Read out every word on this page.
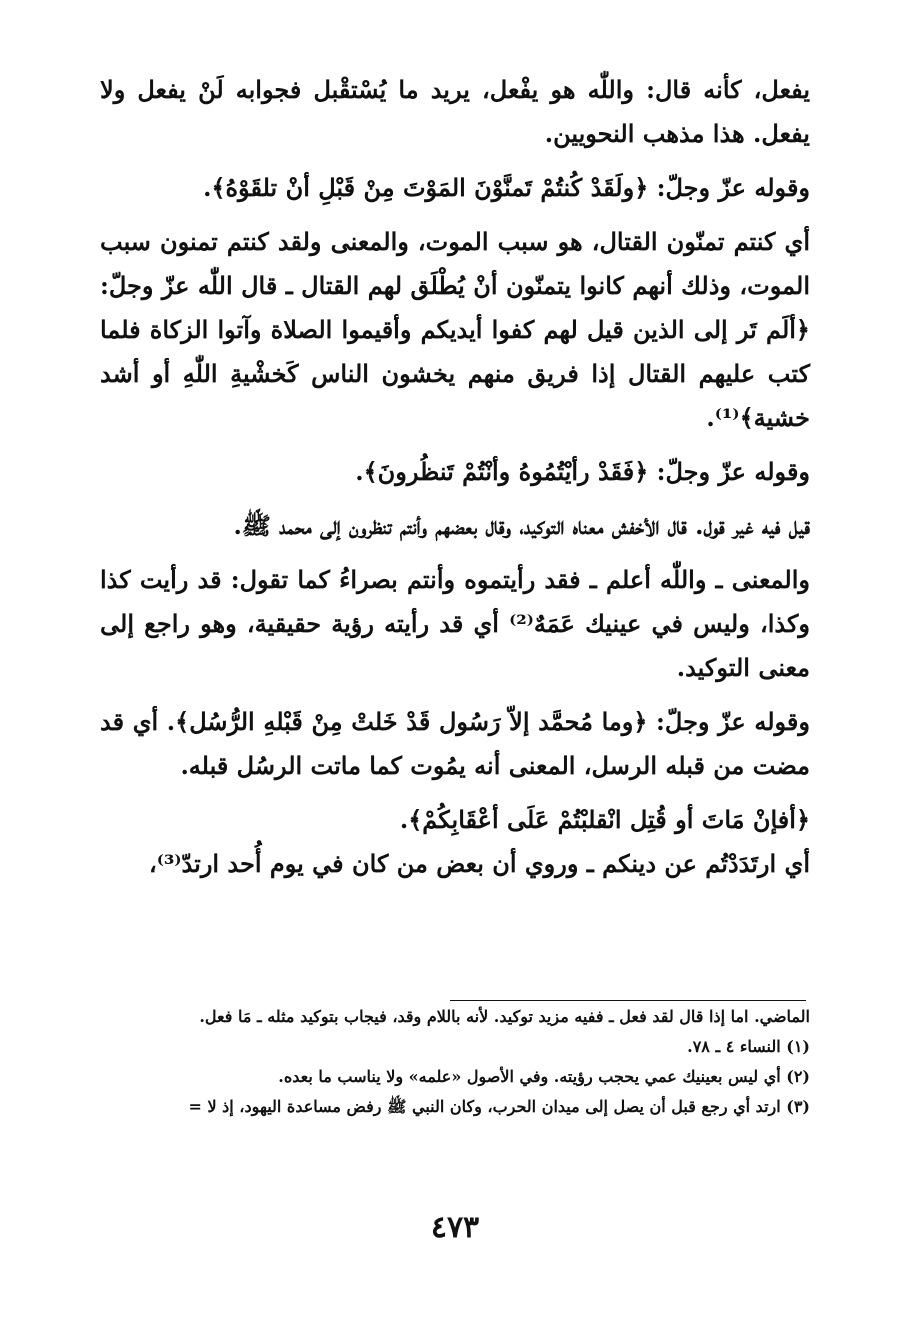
يفعل، كأنه قال: واللّٰه هو يفْعل، يريد ما يُسْتقْبل فجوابه لَنْ يفعل ولا يفعل. هذا مذهب النحويين.

وقوله عزّ وجلّ: ﴿ولَقَدْ كُنتُمْ تَمنَّوْنَ المَوْتَ مِنْ قَبْلِ أنْ تلقَوْهُ﴾.

أي كنتم تمنّون القتال، هو سبب الموت، والمعنى ولقد كنتم تمنون سبب الموت، وذلك أنهم كانوا يتمنّون أنْ يُطْلَق لهم القتال ـ قال اللّٰه عزّ وجلّ: ﴿ألَم تَر إلى الذين قيل لهم كفوا أيديكم وأقيموا الصلاة وآتوا الزكاة فلما كتب عليهم القتال إذا فريق منهم يخشون الناس كَخشْيةِ اللّٰهِ أو أشد خشية﴾⁽¹⁾.

وقوله عزّ وجلّ: ﴿فَقَدْ رأيْتُمُوهُ وأنْتُمْ تَنظُرونَ﴾.

قيل فيه غير قول. قال الأخفش معناه التوكيد، وقال بعضهم وأنتم تنظرون إلى محمد ﷺ.

والمعنى ـ واللّٰه أعلم ـ فقد رأيتموه وأنتم بصراءُ كما تقول: قد رأيت كذا وكذا، وليس في عينيك عَمَهٌ⁽²⁾ أي قد رأيته رؤية حقيقية، وهو راجع إلى معنى التوكيد.

وقوله عزّ وجلّ: ﴿وما مُحمَّد إلاّ رَسُول قَدْ خَلتْ مِنْ قَبْلهِ الرُّسُل﴾. أي قد مضت من قبله الرسل، المعنى أنه يمُوت كما ماتت الرسُل قبله.

﴿أفإنْ مَاتَ أو قُتِل انْقلبْتُمْ عَلَى أعْقَابِكُمْ﴾.

أي ارتَدَدْتُم عن دينكم ـ وروي أن بعض من كان في يوم أُحد ارتدّ⁽³⁾،

الماضي. اما إذا قال لقد فعل ـ ففيه مزيد توكيد. لأنه باللام وقد، فيجاب بتوكيد مثله ـ مَا فعل.

(١) النساء ٤ ـ ٧٨.

(٢) أي ليس بعينيك عمي يحجب رؤيته. وفي الأصول «علمه» ولا يناسب ما بعده.

(٣) ارتد أي رجع قبل أن يصل إلى ميدان الحرب، وكان النبي ﷺ رفض مساعدة اليهود، إذ لا =

٤٧٣
